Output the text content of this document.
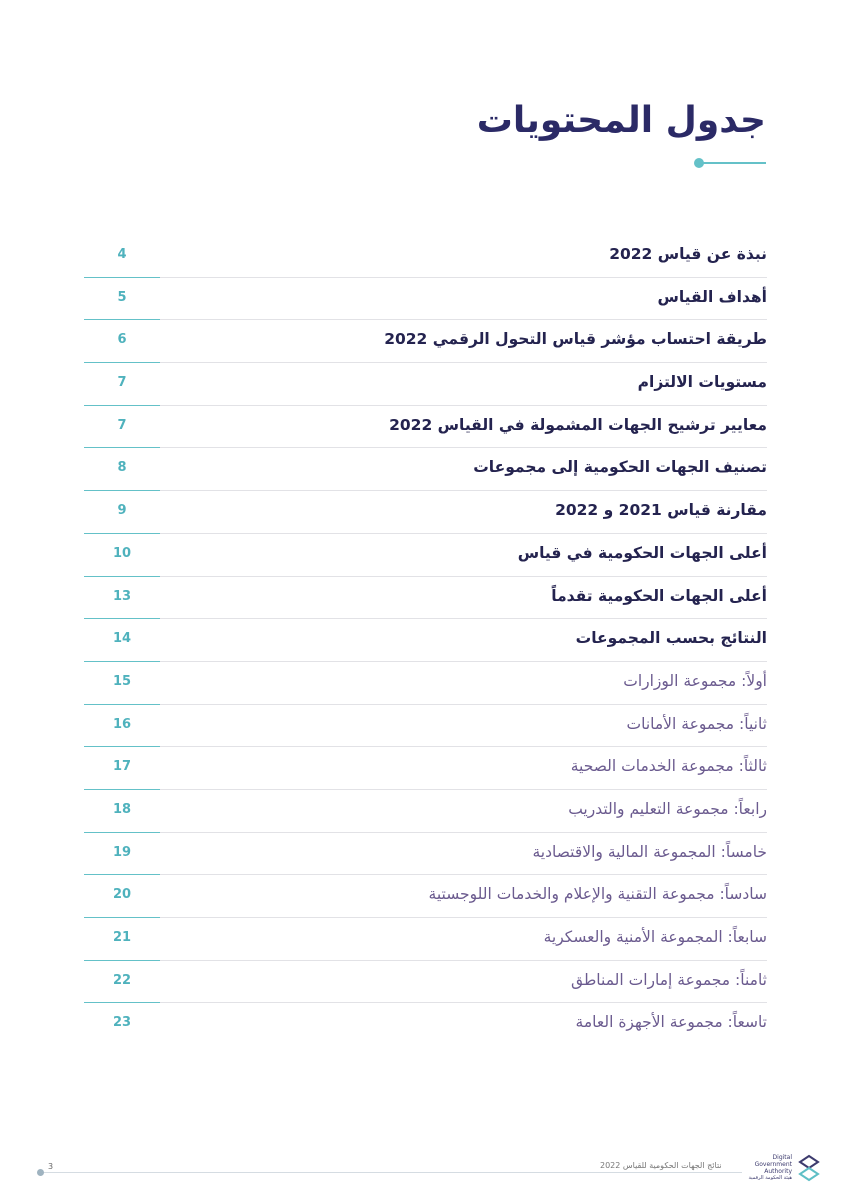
جدول المحتويات
نبذة عن قياس 2022
4
أهداف القياس
5
طريقة احتساب مؤشر قياس التحول الرقمي 2022
6
مستويات الالتزام
7
معايير ترشيح الجهات المشمولة في القياس 2022
7
تصنيف الجهات الحكومية إلى مجموعات
8
مقارنة قياس 2021 و 2022
9
أعلى الجهات الحكومية في قياس
10
أعلى الجهات الحكومية تقدماً
13
النتائج بحسب المجموعات
14
أولاً: مجموعة الوزارات
15
ثانياً: مجموعة الأمانات
16
ثالثاً: مجموعة الخدمات الصحية
17
رابعاً: مجموعة التعليم والتدريب
18
خامساً: المجموعة المالية والاقتصادية
19
سادساً: مجموعة التقنية والإعلام والخدمات اللوجستية
20
سابعاً: المجموعة الأمنية والعسكرية
21
ثامناً: مجموعة إمارات المناطق
22
تاسعاً: مجموعة الأجهزة العامة
23
3	نتائج الجهات الحكومية للقياس 2022
Digital
Government
Authority
هيئة الحكومة الرقمية
